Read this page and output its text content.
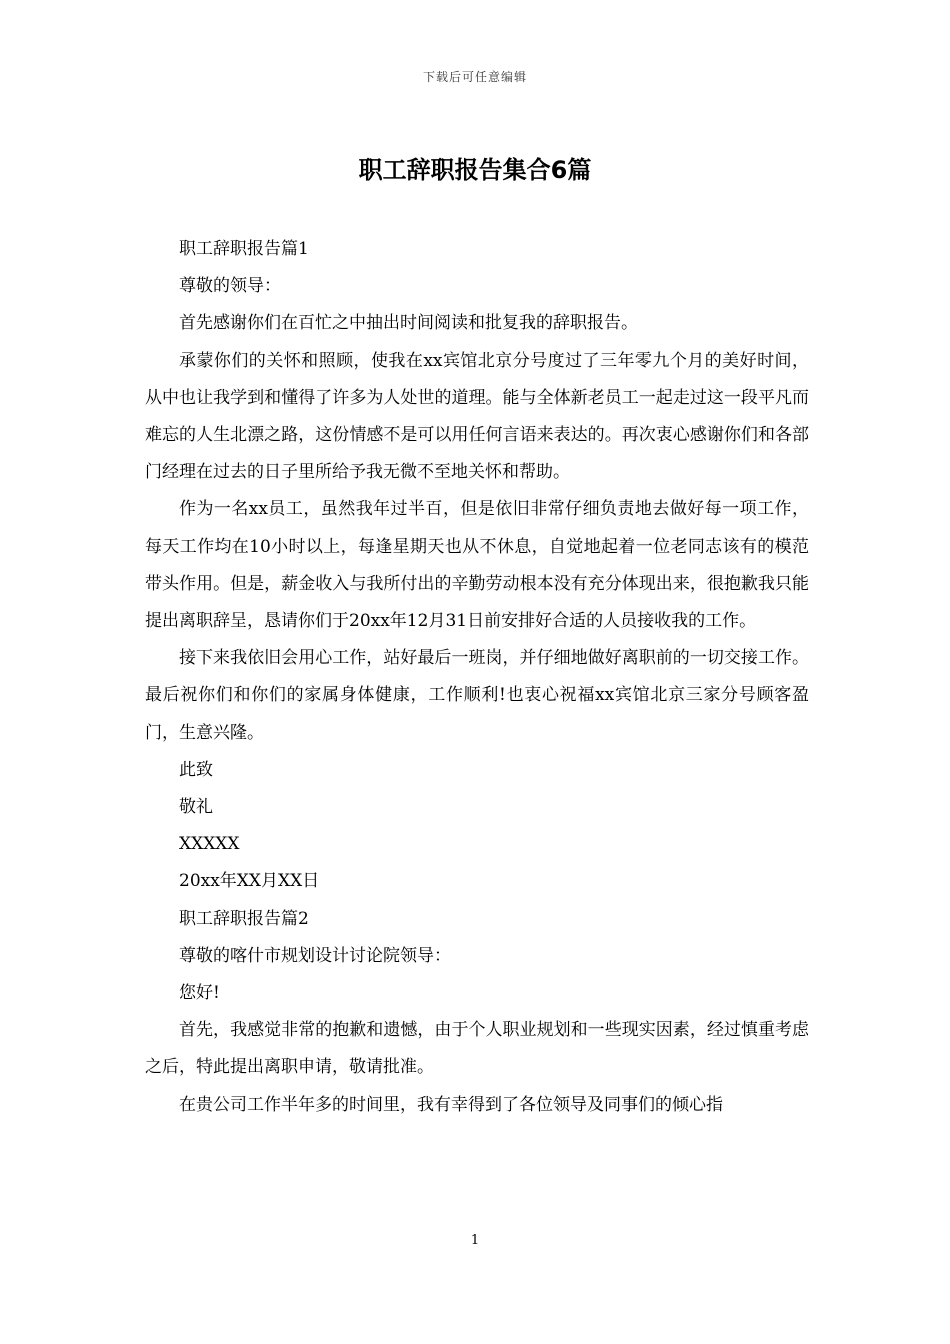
下载后可任意编辑
职工辞职报告集合6篇

职工辞职报告篇1

尊敬的领导：

首先感谢你们在百忙之中抽出时间阅读和批复我的辞职报告。

承蒙你们的关怀和照顾，使我在xx宾馆北京分号度过了三年零九个月的美好时间，从中也让我学到和懂得了许多为人处世的道理。能与全体新老员工一起走过这一段平凡而难忘的人生北漂之路，这份情感不是可以用任何言语来表达的。再次衷心感谢你们和各部门经理在过去的日子里所给予我无微不至地关怀和帮助。

作为一名xx员工，虽然我年过半百，但是依旧非常仔细负责地去做好每一项工作，每天工作均在10小时以上，每逢星期天也从不休息，自觉地起着一位老同志该有的模范带头作用。但是，薪金收入与我所付出的辛勤劳动根本没有充分体现出来，很抱歉我只能提出离职辞呈，恳请你们于20xx年12月31日前安排好合适的人员接收我的工作。

接下来我依旧会用心工作，站好最后一班岗，并仔细地做好离职前的一切交接工作。最后祝你们和你们的家属身体健康，工作顺利!也衷心祝福xx宾馆北京三家分号顾客盈门，生意兴隆。

此致

敬礼

XXXXX

20xx年XX月XX日

职工辞职报告篇2

尊敬的喀什市规划设计讨论院领导：

您好!

首先，我感觉非常的抱歉和遗憾，由于个人职业规划和一些现实因素，经过慎重考虑之后，特此提出离职申请，敬请批准。

在贵公司工作半年多的时间里，我有幸得到了各位领导及同事们的倾心指

1
